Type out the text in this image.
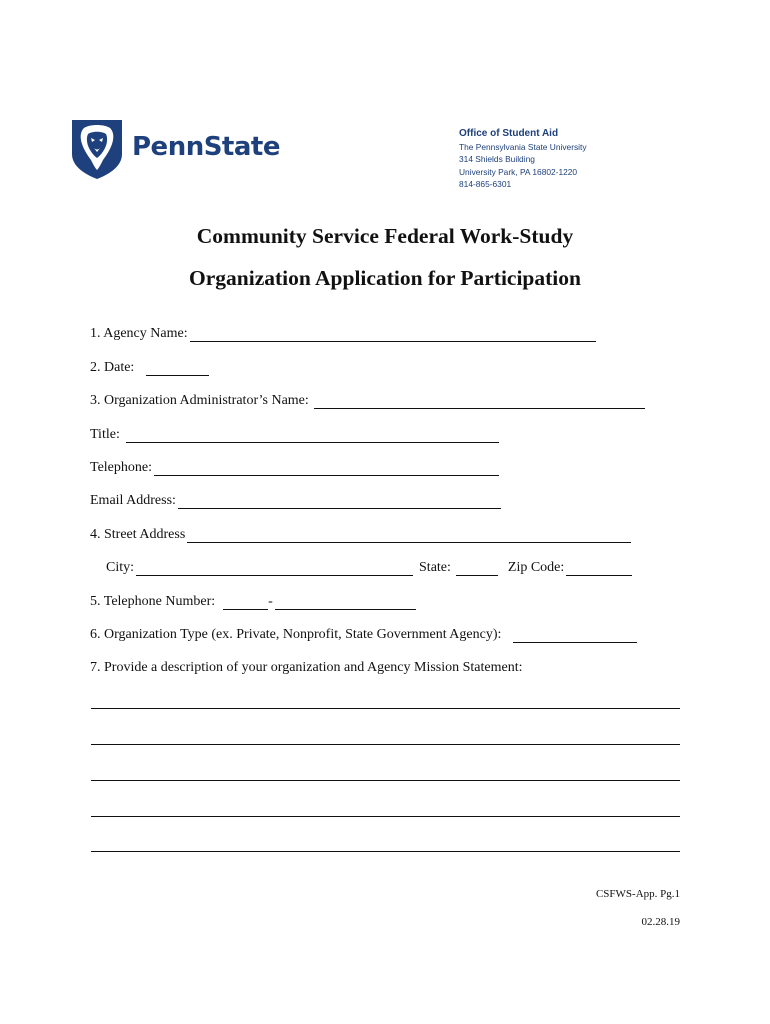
PennState	Office of Student Aid
The Pennsylvania State University
314 Shields Building
University Park, PA 16802-1220
814-865-6301
Community Service Federal Work-Study
Organization Application for Participation
1. Agency Name:
2. Date:
3. Organization Administrator’s Name:
Title:
Telephone:
Email Address:
4. Street Address
City:	State:	Zip Code:
5. Telephone Number:	-
6. Organization Type (ex. Private, Nonprofit, State Government Agency):
7. Provide a description of your organization and Agency Mission Statement:
CSFWS-App. Pg.1
02.28.19
